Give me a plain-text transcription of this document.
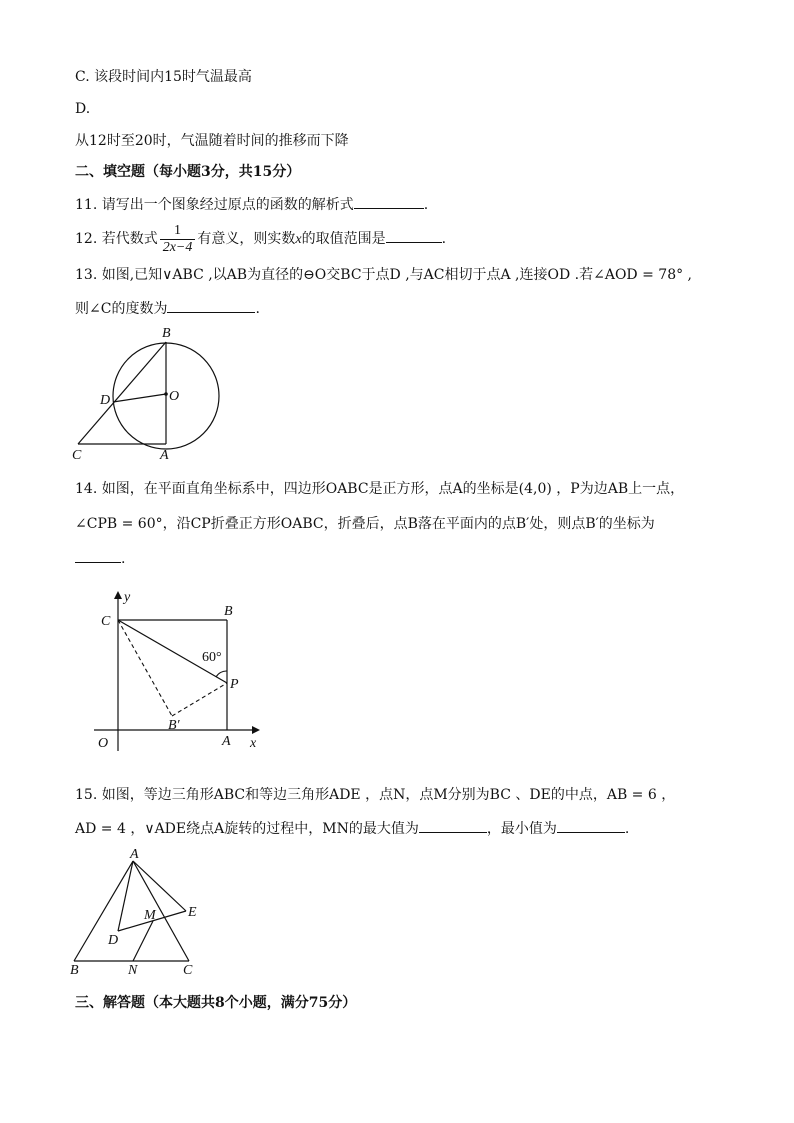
C. 该段时间内15时气温最高
D.
从12时至20时，气温随着时间的推移而下降
二、填空题（每小题3分，共15分）
11. 请写出一个图象经过原点的函数的解析式	.
12. 若代数式 $\frac{1}{2x-4}$ 有意义，则实数x的取值范围是	.
13. 如图,已知∨ABC ,以AB为直径的⊖O交BC于点D ,与AC相切于点A ,连接OD .若∠AOD = 78° ,
则∠C的度数为	.
B
D	O
C	A
14. 如图，在平面直角坐标系中，四边形OABC是正方形，点A的坐标是(4,0) ，P为边AB上一点，
∠CPB = 60°，沿CP折叠正方形OABC，折叠后，点B落在平面内的点B′处，则点B′的坐标为
.
C
y
B
60°
P
B′
O	A x
15. 如图，等边三角形ABC和等边三角形ADE ，点N，点M分别为BC 、DE的中点，AB = 6 ，
AD = 4 ，∨ADE绕点A旋转的过程中，MN的最大值为	，最小值为	.
A
E
M
D
B	N	C
三、解答题（本大题共8个小题，满分75分）
